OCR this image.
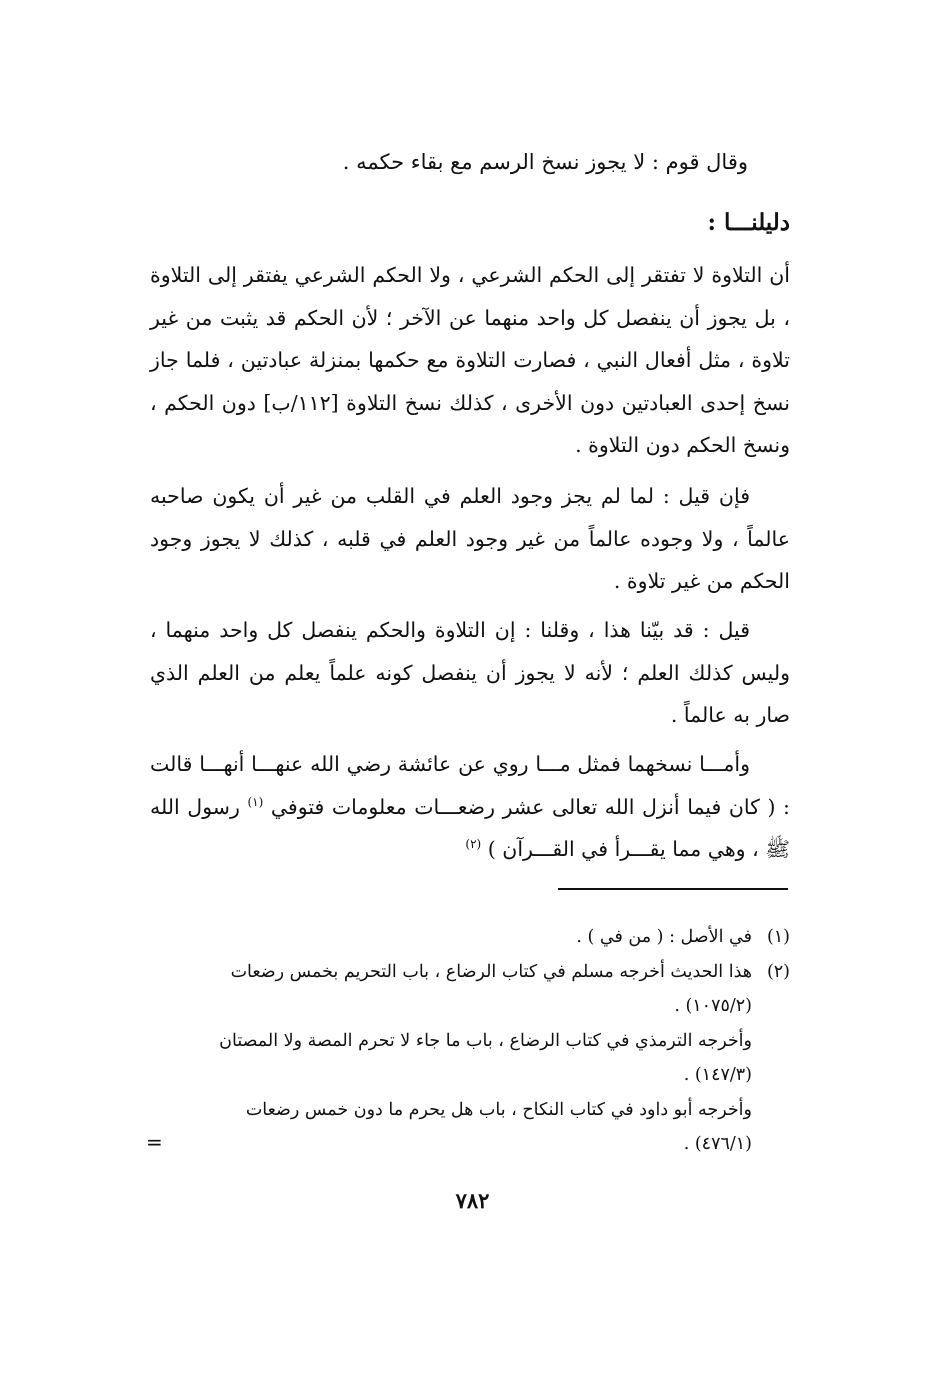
وقال قوم : لا يجوز نسخ الرسم مع بقاء حكمه .
دليلنـــا :
أن التلاوة لا تفتقر إلى الحكم الشرعي ، ولا الحكم الشرعي يفتقر إلى التلاوة ، بل يجوز أن ينفصل كل واحد منهما عن الآخر ؛ لأن الحكم قد يثبت من غير تلاوة ، مثل أفعال النبي ، فصارت التلاوة مع حكمها بمنزلة عبادتين ، فلما جاز نسخ إحدى العبادتين دون الأخرى ، كذلك نسخ التلاوة [١١٢/ب] دون الحكم ، ونسخ الحكم دون التلاوة .
فإن قيل : لما لم يجز وجود العلم في القلب من غير أن يكون صاحبه عالماً ، ولا وجوده عالماً من غير وجود العلم في قلبه ، كذلك لا يجوز وجود الحكم من غير تلاوة .
قيل : قد بيّنا هذا ، وقلنا : إن التلاوة والحكم ينفصل كل واحد منهما ، وليس كذلك العلم ؛ لأنه لا يجوز أن ينفصل كونه علماً يعلم من العلم الذي صار به عالماً .
وأمـــا نسخهما فمثل مـــا روي عن عائشة رضي الله عنهـــا أنهـــا قالت : ( كان فيما أنزل الله تعالى عشر رضعـــات معلومات فتوفي $^{(١)}$ رسول الله ﷺ ، وهي مما يقـــرأ في القـــرآن ) $^{(٢)}$
(١)
في الأصل : ( من في ) .
(٢)
هذا الحديث أخرجه مسلم في كتاب الرضاع ، باب التحريم بخمس رضعات
(١٠٧٥/٢) .
وأخرجه الترمذي في كتاب الرضاع ، باب ما جاء لا تحرم المصة ولا المصتان
(١٤٧/٣) .
وأخرجه أبو داود في كتاب النكاح ، باب هل يحرم ما دون خمس رضعات
(٤٧٦/١) .
=
٧٨٢
